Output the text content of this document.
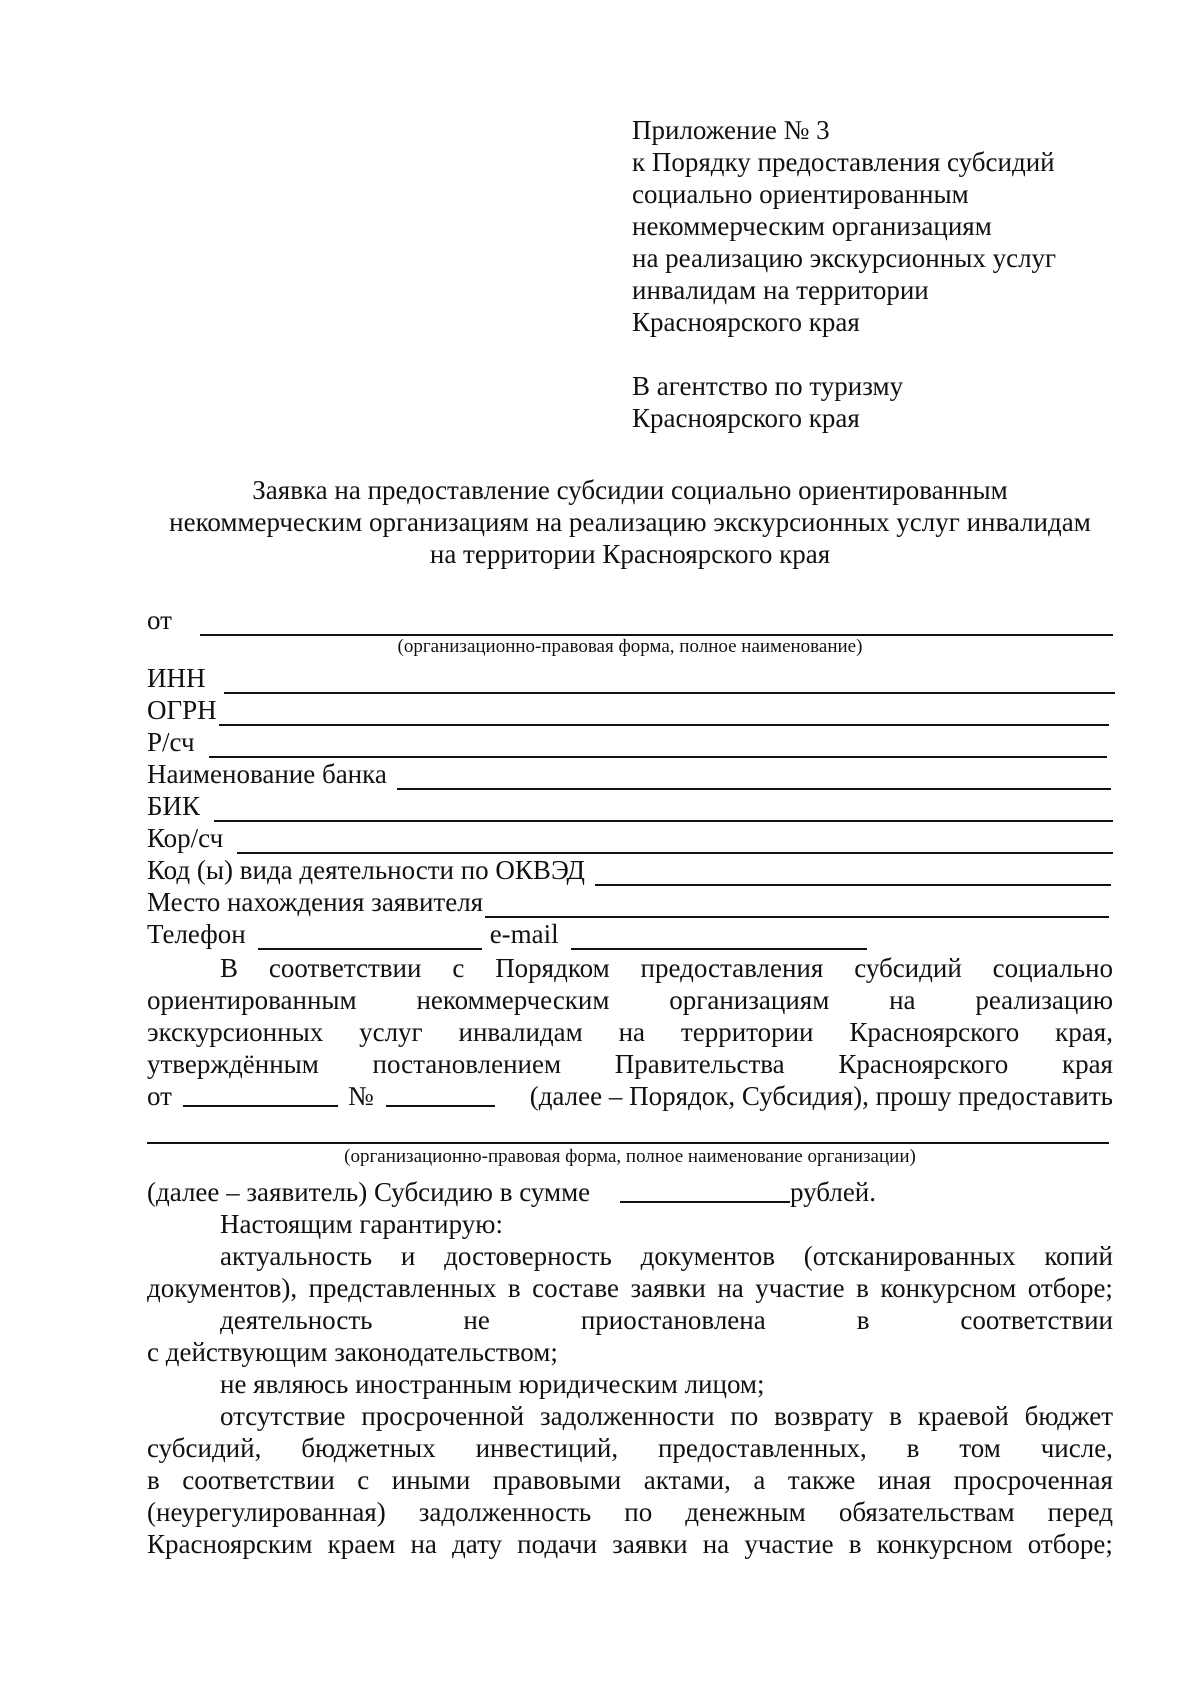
Приложение № 3
к Порядку предоставления субсидий
социально ориентированным
некоммерческим организациям
на реализацию экскурсионных услуг
инвалидам на территории
Красноярского края
В агентство по туризму
Красноярского края
Заявка на предоставление субсидии социально ориентированным
некоммерческим организациям на реализацию экскурсионных услуг инвалидам
на территории Красноярского края
от
(организационно-правовая форма, полное наименование)
ИНН
ОГРН
Р/сч
Наименование банка
БИК
Кор/сч
Код (ы) вида деятельности по ОКВЭД
Место нахождения заявителя
Телефон	e-mail
В соответствии с Порядком предоставления субсидий социально
ориентированным некоммерческим организациям на реализацию
экскурсионных услуг инвалидам на территории Красноярского края,
утверждённым постановлением Правительства Красноярского края
от	№	(далее – Порядок, Субсидия), прошу предоставить
(организационно-правовая форма, полное наименование организации)
(далее – заявитель) Субсидию в сумме	рублей.
Настоящим гарантирую:
актуальность и достоверность документов (отсканированных копий
документов), представленных в составе заявки на участие в конкурсном отборе;
деятельность	не	приостановлена	в	соответствии
с действующим законодательством;
не являюсь иностранным юридическим лицом;
отсутствие просроченной задолженности по возврату в краевой бюджет
субсидий, бюджетных инвестиций, предоставленных, в том числе,
в соответствии с иными правовыми актами, а также иная просроченная
(неурегулированная) задолженность по денежным обязательствам перед
Красноярским краем на дату подачи заявки на участие в конкурсном отборе;
